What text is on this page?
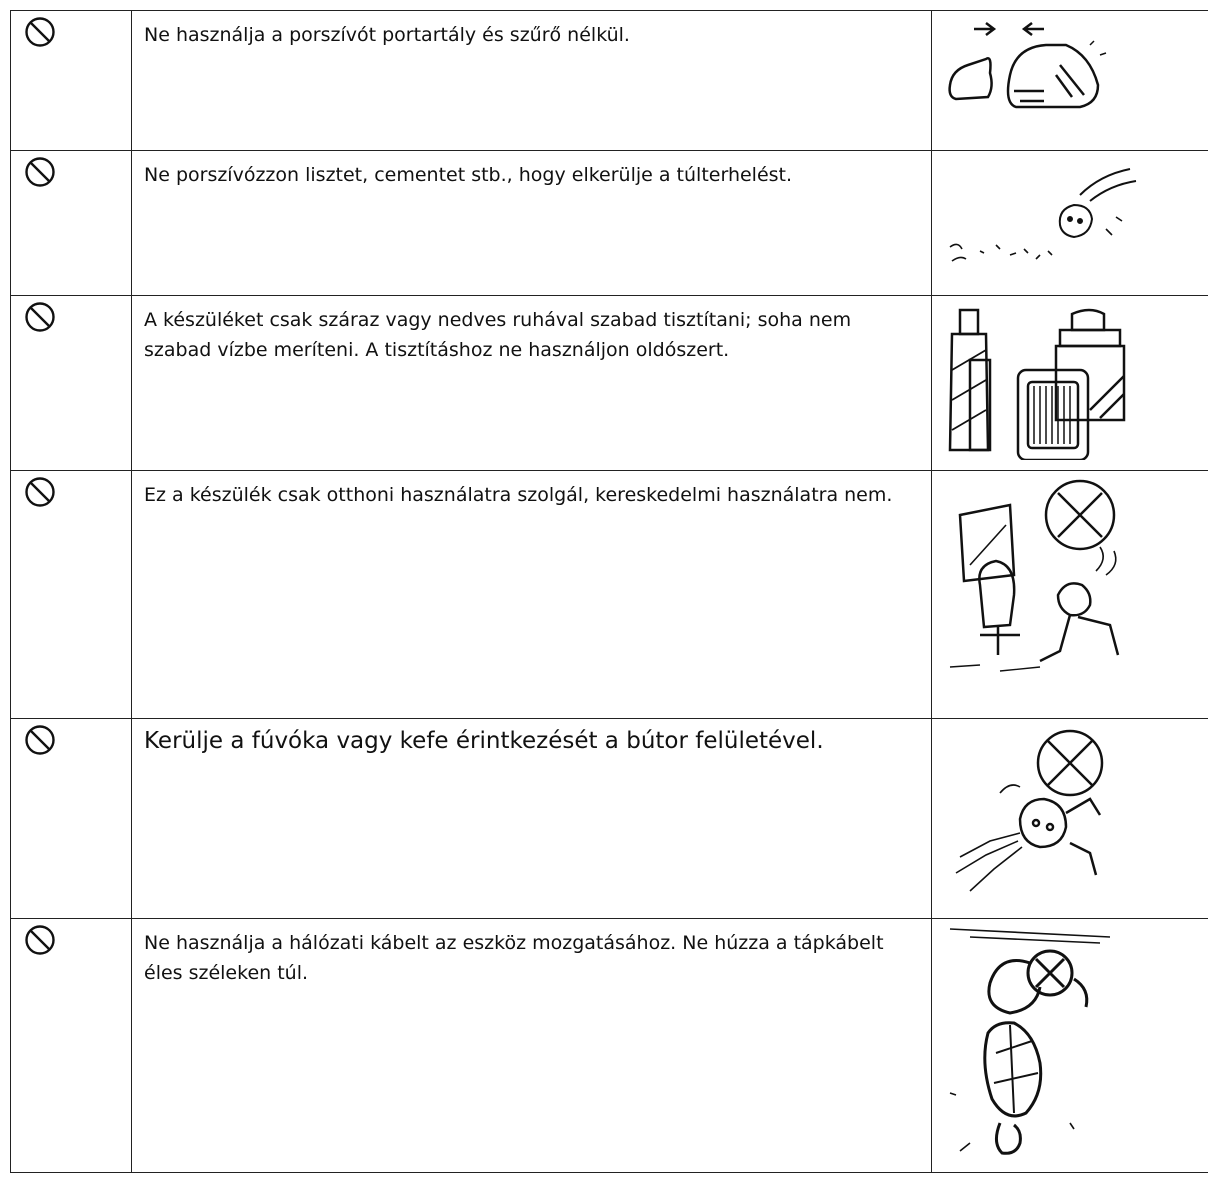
Ne használja a porszívót portartály és szűrő nélkül.

Ne porszívózzon lisztet, cementet stb., hogy elkerülje a túlterhelést.

A készüléket csak száraz vagy nedves ruhával szabad tisztítani; soha nem szabad vízbe meríteni. A tisztításhoz ne használjon oldószert.

Ez a készülék csak otthoni használatra szolgál, kereskedelmi használatra nem.

Kerülje a fúvóka vagy kefe érintkezését a bútor felületével.

Ne használja a hálózati kábelt az eszköz mozgatásához. Ne húzza a tápkábelt éles széleken túl.
